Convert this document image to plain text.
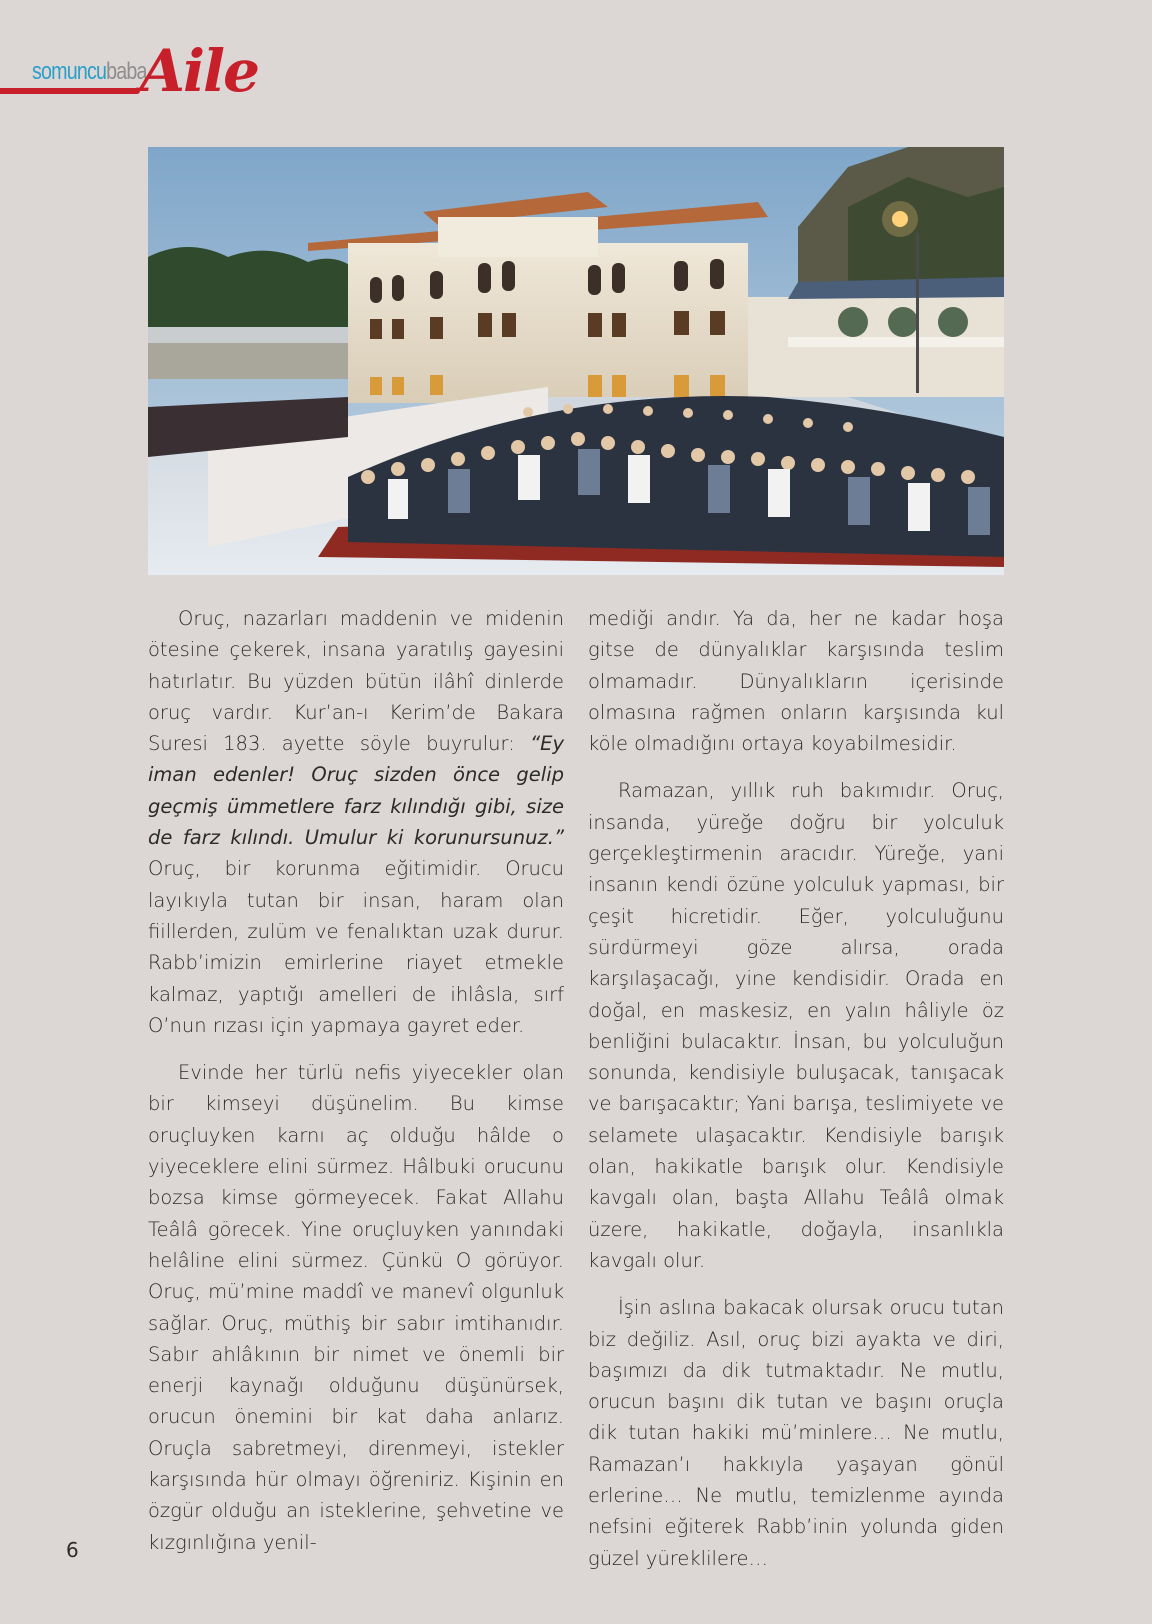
somuncubaba
Aile

Oruç, nazarları maddenin ve midenin ötesine çekerek, insana yaratılış gayesini hatırlatır. Bu yüzden bütün ilâhî dinlerde oruç vardır. Kur’an-ı Kerim’de Bakara Suresi 183. ayette söyle buyrulur: “Ey iman edenler! Oruç sizden önce gelip geçmiş ümmetlere farz kılındığı gibi, size de farz kılındı. Umulur ki korunursunuz.” Oruç, bir korunma eğitimidir. Orucu layıkıyla tutan bir insan, haram olan fiillerden, zulüm ve fenalıktan uzak durur. Rabb’imizin emirlerine riayet etmekle kalmaz, yaptığı amelleri de ihlâsla, sırf O’nun rızası için yapmaya gayret eder.

Evinde her türlü nefis yiyecekler olan bir kimseyi düşünelim. Bu kimse oruçluyken karnı aç olduğu hâlde o yiyeceklere elini sürmez. Hâlbuki orucunu bozsa kimse görmeyecek. Fakat Allahu Teâlâ görecek. Yine oruçluyken yanındaki helâline elini sürmez. Çünkü O görüyor. Oruç, mü’mine maddî ve manevî olgunluk sağlar. Oruç, müthiş bir sabır imtihanıdır. Sabır ahlâkının bir nimet ve önemli bir enerji kaynağı olduğunu düşünürsek, orucun önemini bir kat daha anlarız. Oruçla sabretmeyi, direnmeyi, istekler karşısında hür olmayı öğreniriz. Kişinin en özgür olduğu an isteklerine, şehvetine ve kızgınlığına yenil-

mediği andır. Ya da, her ne kadar hoşa gitse de dünyalıklar karşısında teslim olmamadır. Dünyalıkların içerisinde olmasına rağmen onların karşısında kul köle olmadığını ortaya koyabilmesidir.

Ramazan, yıllık ruh bakımıdır. Oruç, insanda, yüreğe doğru bir yolculuk gerçekleştirmenin aracıdır. Yüreğe, yani insanın kendi özüne yolculuk yapması, bir çeşit hicretidir. Eğer, yolculuğunu sürdürmeyi göze alırsa, orada karşılaşacağı, yine kendisidir. Orada en doğal, en maskesiz, en yalın hâliyle öz benliğini bulacaktır. İnsan, bu yolculuğun sonunda, kendisiyle buluşacak, tanışacak ve barışacaktır; Yani barışa, teslimiyete ve selamete ulaşacaktır. Kendisiyle barışık olan, hakikatle barışık olur. Kendisiyle kavgalı olan, başta Allahu Teâlâ olmak üzere, hakikatle, doğayla, insanlıkla kavgalı olur.

İşin aslına bakacak olursak orucu tutan biz değiliz. Asıl, oruç bizi ayakta ve diri, başımızı da dik tutmaktadır. Ne mutlu, orucun başını dik tutan ve başını oruçla dik tutan hakiki mü’minlere… Ne mutlu, Ramazan’ı hakkıyla yaşayan gönül erlerine… Ne mutlu, temizlenme ayında nefsini eğiterek Rabb’inin yolunda giden güzel yüreklilere…

6
